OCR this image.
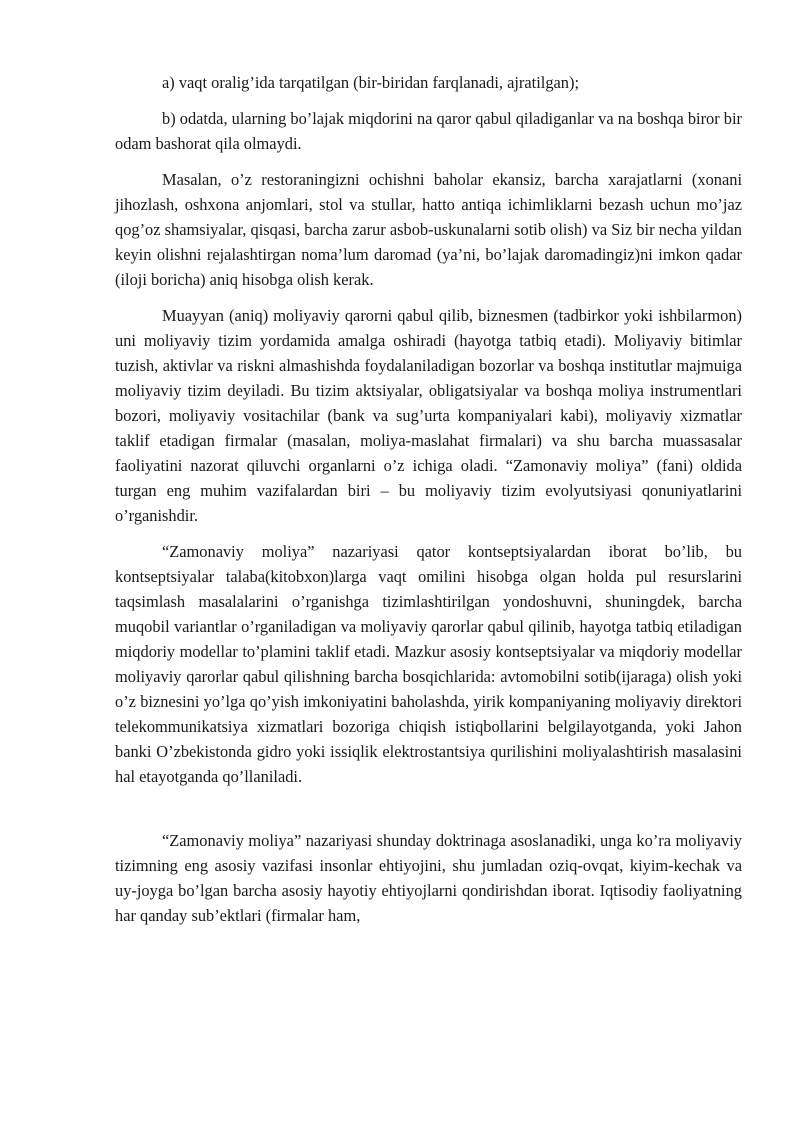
a) vaqt oralig’ida tarqatilgan (bir-biridan farqlanadi, ajratilgan);

b) odatda, ularning bo’lajak miqdorini na qaror qabul qiladiganlar va na boshqa biror bir odam bashorat qila olmaydi.

Masalan, o’z restoraningizni ochishni baholar ekansiz, barcha xarajatlarni (xonani jihozlash, oshxona anjomlari, stol va stullar, hatto antiqa ichimliklarni bezash uchun mo’jaz qog’oz shamsiyalar, qisqasi, barcha zarur asbob-uskunalarni sotib olish) va Siz bir necha yildan keyin olishni rejalashtirgan noma’lum daromad (ya’ni, bo’lajak daromadingiz)ni imkon qadar (iloji boricha) aniq hisobga olish kerak.

Muayyan (aniq) moliyaviy qarorni qabul qilib, biznesmen (tadbirkor yoki ishbilarmon) uni moliyaviy tizim yordamida amalga oshiradi (hayotga tatbiq etadi). Moliyaviy bitimlar tuzish, aktivlar va riskni almashishda foydalaniladigan bozorlar va boshqa institutlar majmuiga moliyaviy tizim deyiladi. Bu tizim aktsiyalar, obligatsiyalar va boshqa moliya instrumentlari bozori, moliyaviy vositachilar (bank va sug’urta kompaniyalari kabi), moliyaviy xizmatlar taklif etadigan firmalar (masalan, moliya-maslahat firmalari) va shu barcha muassasalar faoliyatini nazorat qiluvchi organlarni o’z ichiga oladi. “Zamonaviy moliya” (fani) oldida turgan eng muhim vazifalardan biri – bu moliyaviy tizim evolyutsiyasi qonuniyatlarini o’rganishdir.

“Zamonaviy moliya” nazariyasi qator kontseptsiyalardan iborat bo’lib, bu kontseptsiyalar talaba(kitobxon)larga vaqt omilini hisobga olgan holda pul resurslarini taqsimlash masalalarini o’rganishga tizimlashtirilgan yondoshuvni, shuningdek, barcha muqobil variantlar o’rganiladigan va moliyaviy qarorlar qabul qilinib, hayotga tatbiq etiladigan miqdoriy modellar to’plamini taklif etadi. Mazkur asosiy kontseptsiyalar va miqdoriy modellar moliyaviy qarorlar qabul qilishning barcha bosqichlarida: avtomobilni sotib(ijaraga) olish yoki o’z biznesini yo’lga qo’yish imkoniyatini baholashda, yirik kompaniyaning moliyaviy direktori telekommunikatsiya xizmatlari bozoriga chiqish istiqbollarini belgilayotganda, yoki Jahon banki O’zbekistonda gidro yoki issiqlik elektrostantsiya qurilishini moliyalashtirish masalasini hal etayotganda qo’llaniladi.

“Zamonaviy moliya” nazariyasi shunday doktrinaga asoslanadiki, unga ko’ra moliyaviy tizimning eng asosiy vazifasi insonlar ehtiyojini, shu jumladan oziq-ovqat, kiyim-kechak va uy-joyga bo’lgan barcha asosiy hayotiy ehtiyojlarni qondirishdan iborat. Iqtisodiy faoliyatning har qanday sub’ektlari (firmalar ham,
